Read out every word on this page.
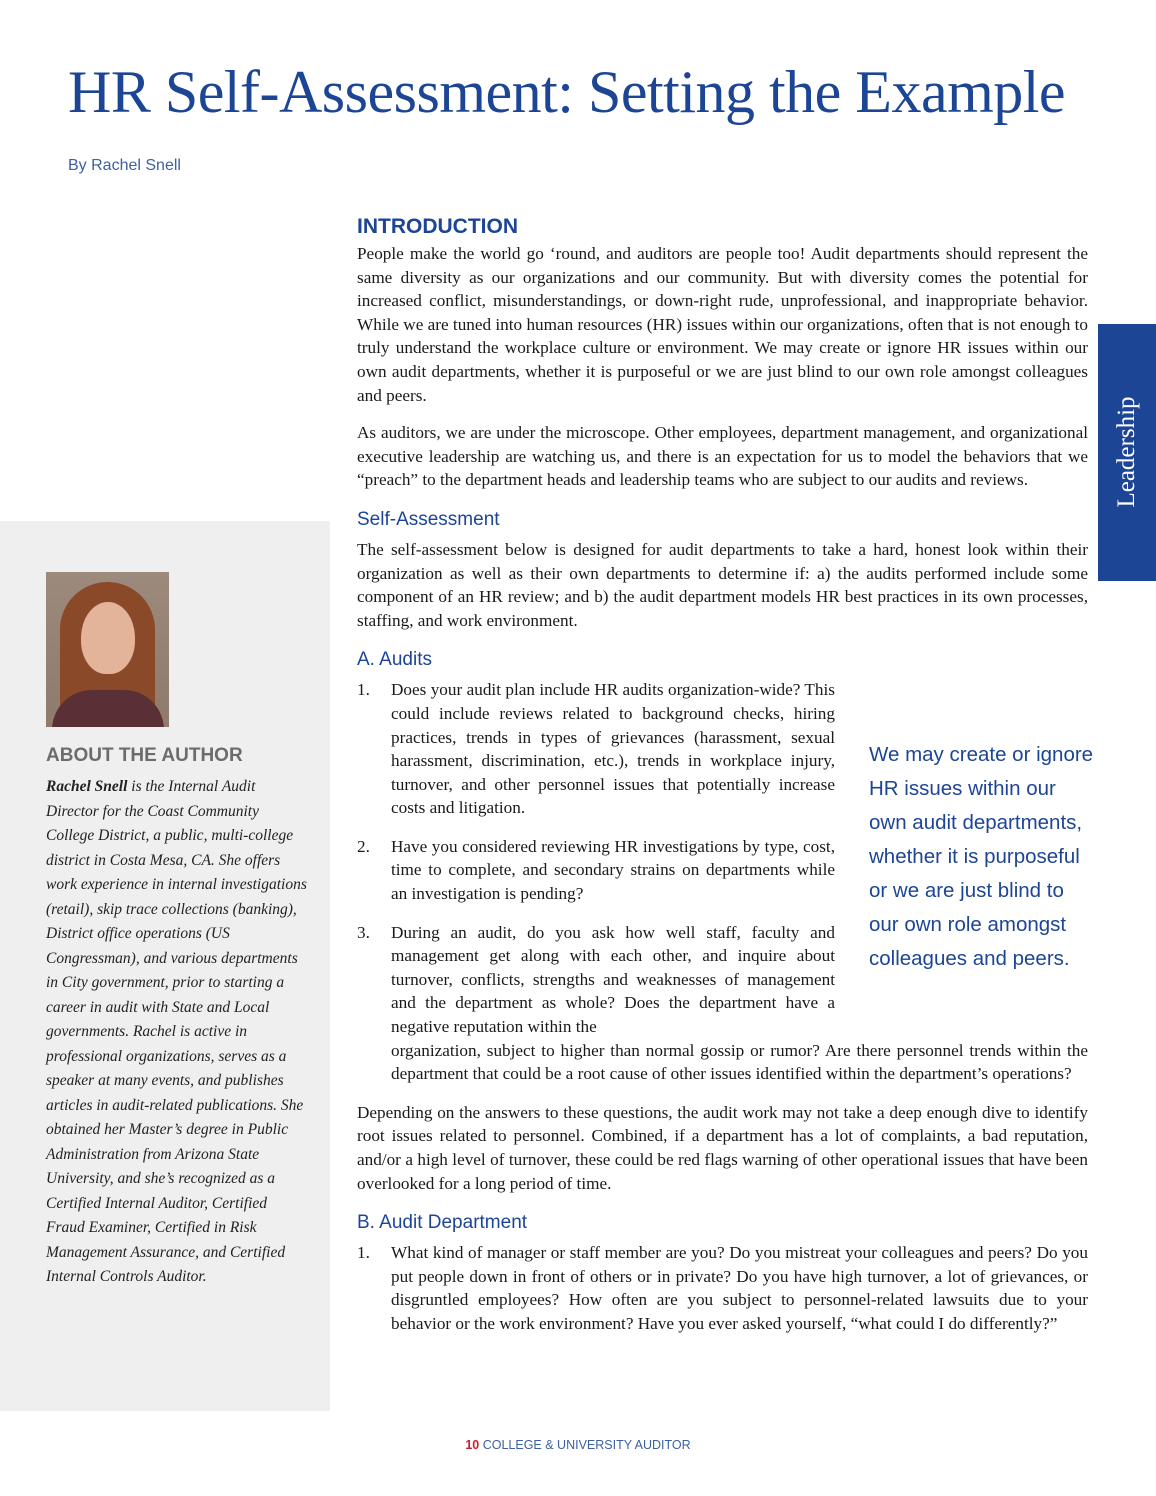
HR Self-Assessment: Setting the Example
By Rachel Snell
Leadership
ABOUT THE AUTHOR

Rachel Snell is the Internal Audit Director for the Coast Community College District, a public, multi-college district in Costa Mesa, CA. She offers work experience in internal investigations (retail), skip trace collections (banking), District office operations (US Congressman), and various departments in City government, prior to starting a career in audit with State and Local governments. Rachel is active in professional organizations, serves as a speaker at many events, and publishes articles in audit-related publications. She obtained her Master’s degree in Public Administration from Arizona State University, and she’s recognized as a Certified Internal Auditor, Certified Fraud Examiner, Certified in Risk Management Assurance, and Certified Internal Controls Auditor.

INTRODUCTION

People make the world go ‘round, and auditors are people too! Audit departments should represent the same diversity as our organizations and our community. But with diversity comes the potential for increased conflict, misunderstandings, or down-right rude, unprofessional, and inappropriate behavior. While we are tuned into human resources (HR) issues within our organizations, often that is not enough to truly understand the workplace culture or environment. We may create or ignore HR issues within our own audit departments, whether it is purposeful or we are just blind to our own role amongst colleagues and peers.

As auditors, we are under the microscope. Other employees, department management, and organizational executive leadership are watching us, and there is an expectation for us to model the behaviors that we “preach” to the department heads and leadership teams who are subject to our audits and reviews.

Self-Assessment

The self-assessment below is designed for audit departments to take a hard, honest look within their organization as well as their own departments to determine if: a) the audits performed include some component of an HR review; and b) the audit department models HR best practices in its own processes, staffing, and work environment.

A. Audits
1. Does your audit plan include HR audits organization-wide? This could include reviews related to background checks, hiring practices, trends in types of grievances (harassment, sexual harassment, discrimination, etc.), trends in workplace injury, turnover, and other personnel issues that potentially increase costs and litigation.
2. Have you considered reviewing HR investigations by type, cost, time to complete, and secondary strains on departments while an investigation is pending?
3. During an audit, do you ask how well staff, faculty and management get along with each other, and inquire about turnover, conflicts, strengths and weaknesses of management and the department as whole? Does the department have a negative reputation within the
organization, subject to higher than normal gossip or rumor? Are there personnel trends within the department that could be a root cause of other issues identified within the department’s operations?

Depending on the answers to these questions, the audit work may not take a deep enough dive to identify root issues related to personnel. Combined, if a department has a lot of complaints, a bad reputation, and/or a high level of turnover, these could be red flags warning of other operational issues that have been overlooked for a long period of time.

B. Audit Department
1. What kind of manager or staff member are you? Do you mistreat your colleagues and peers? Do you put people down in front of others or in private? Do you have high turnover, a lot of grievances, or disgruntled employees? How often are you subject to personnel-related lawsuits due to your behavior or the work environment? Have you ever asked yourself, “what could I do differently?”

We may create or ignore HR issues within our own audit departments, whether it is purposeful or we are just blind to our own role amongst colleagues and peers.

10 COLLEGE & UNIVERSITY AUDITOR
